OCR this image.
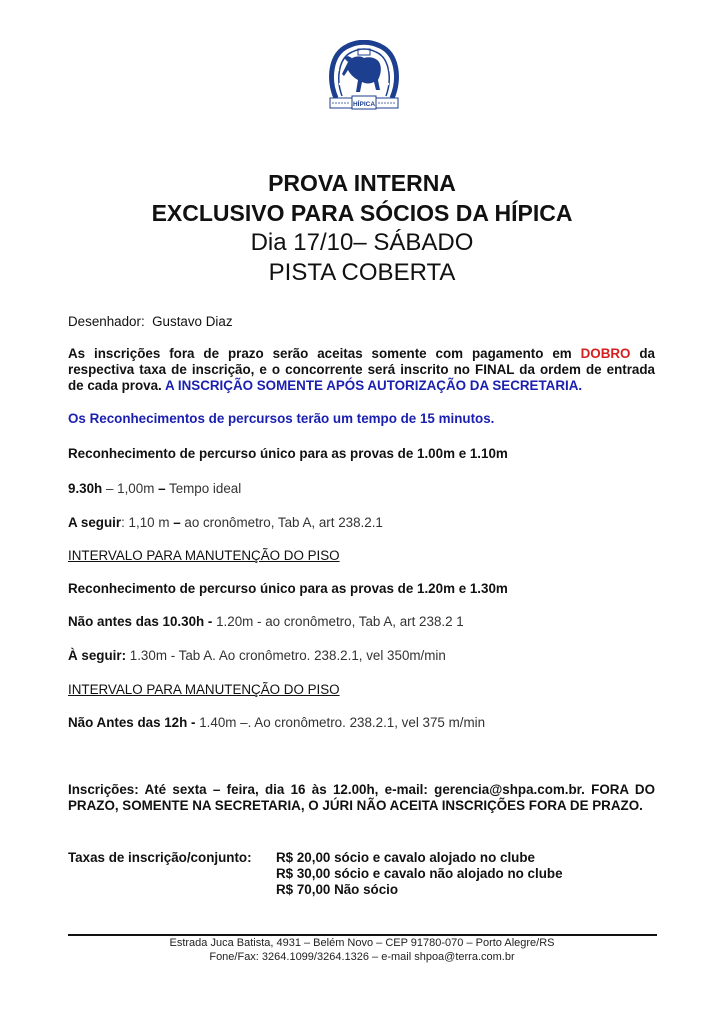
HÍPICA
PROVA INTERNA
EXCLUSIVO PARA SÓCIOS DA HÍPICA
Dia 17/10– SÁBADO
PISTA COBERTA
Desenhador: Gustavo Diaz
As inscrições fora de prazo serão aceitas somente com pagamento em DOBRO da respectiva taxa de inscrição, e o concorrente será inscrito no FINAL da ordem de entrada de cada prova. A INSCRIÇÃO SOMENTE APÓS AUTORIZAÇÃO DA SECRETARIA.
Os Reconhecimentos de percursos terão um tempo de 15 minutos.
Reconhecimento de percurso único para as provas de 1.00m e 1.10m
9.30h – 1,00m – Tempo ideal
A seguir: 1,10 m – ao cronômetro, Tab A, art 238.2.1
INTERVALO PARA MANUTENÇÃO DO PISO
Reconhecimento de percurso único para as provas de 1.20m e 1.30m
Não antes das 10.30h - 1.20m - ao cronômetro, Tab A, art 238.2 1
À seguir: 1.30m - Tab A. Ao cronômetro. 238.2.1, vel 350m/min
INTERVALO PARA MANUTENÇÃO DO PISO
Não Antes das 12h - 1.40m –. Ao cronômetro. 238.2.1, vel 375 m/min
Inscrições: Até sexta – feira, dia 16 às 12.00h, e-mail: gerencia@shpa.com.br. FORA DO PRAZO, SOMENTE NA SECRETARIA, O JÚRI NÃO ACEITA INSCRIÇÕES FORA DE PRAZO.
Taxas de inscrição/conjunto: R$ 20,00 sócio e cavalo alojado no clube
R$ 30,00 sócio e cavalo não alojado no clube
R$ 70,00 Não sócio
Estrada Juca Batista, 4931 – Belém Novo – CEP 91780-070 – Porto Alegre/RS
Fone/Fax: 3264.1099/3264.1326 – e-mail shpoa@terra.com.br
